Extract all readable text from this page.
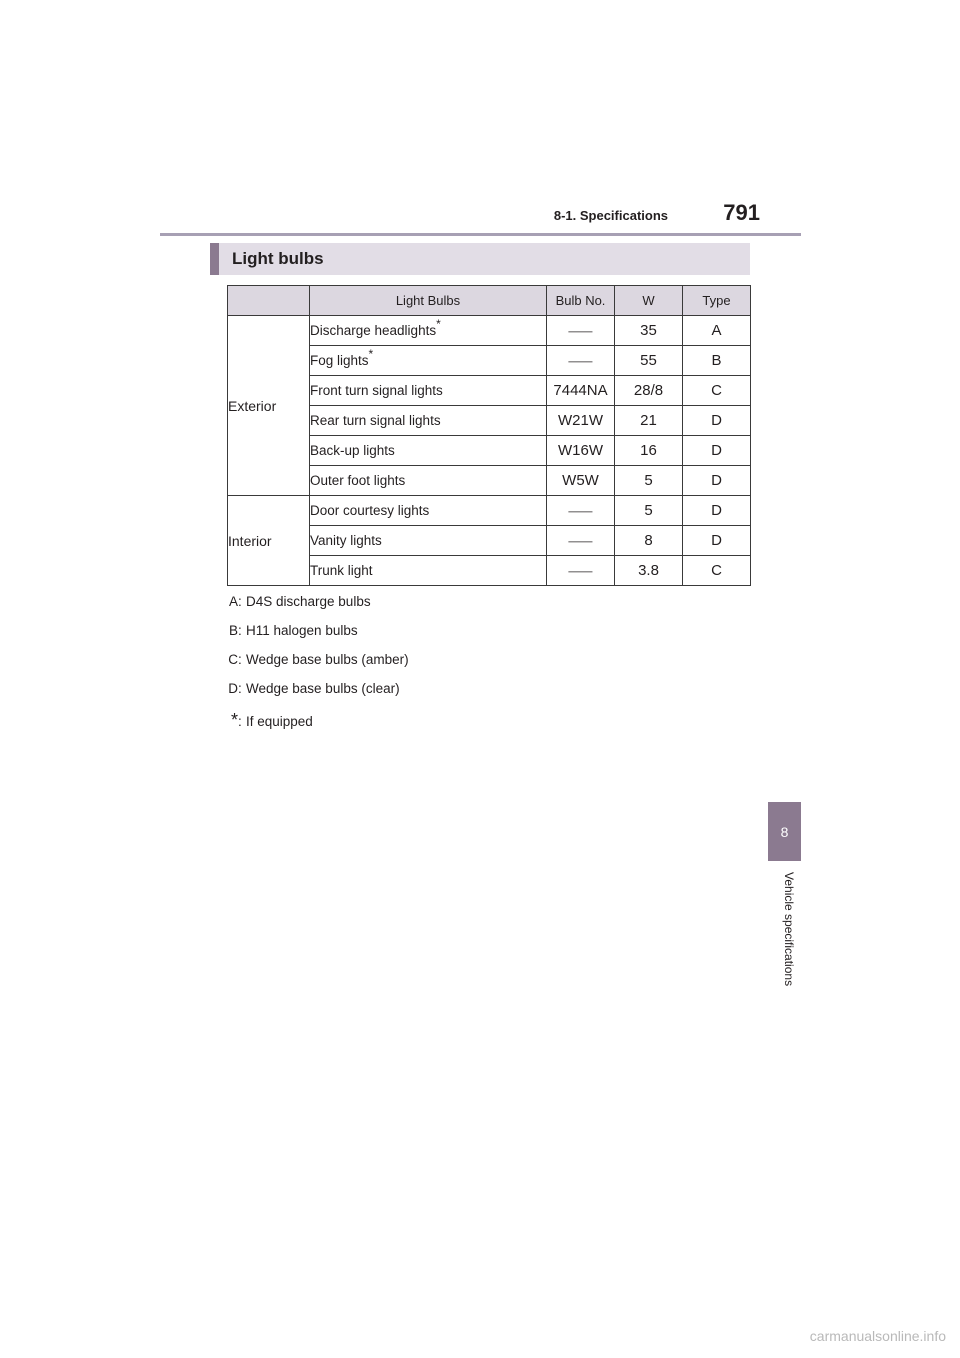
8-1. Specifications	791
8
Vehicle specifications
Light bulbs
	Light Bulbs	Bulb No.	W	Type
Exterior	Discharge headlights*	⸺	35	A
	Fog lights*	⸺	55	B
	Front turn signal lights	7444NA	28/8	C
	Rear turn signal lights	W21W	21	D
	Back-up lights	W16W	16	D
	Outer foot lights	W5W	5	D
Interior	Door courtesy lights	⸺	5	D
	Vanity lights	⸺	8	D
	Trunk light	⸺	3.8	C
A : D4S discharge bulbs
B : H11 halogen bulbs
C : Wedge base bulbs (amber)
D : Wedge base bulbs (clear)
* : If equipped
carmanualsonline.info
